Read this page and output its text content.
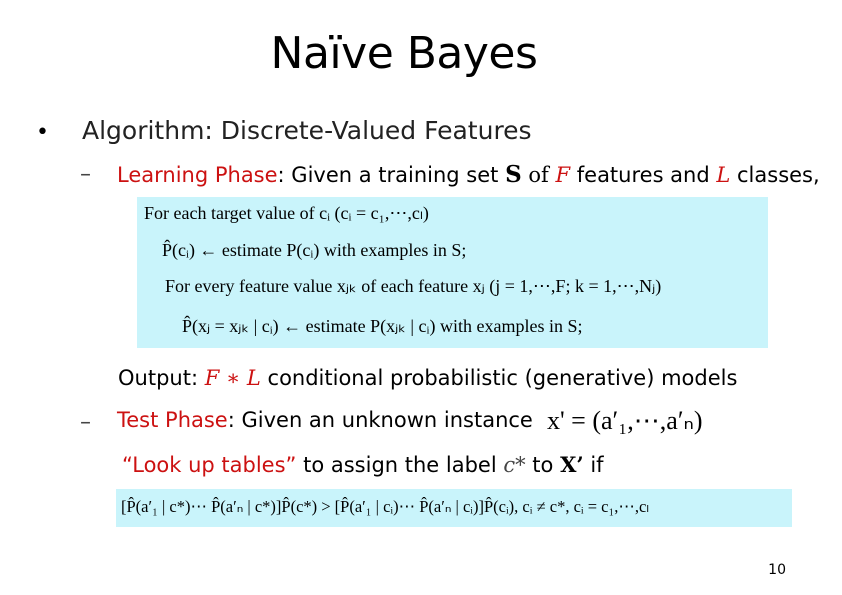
Naïve Bayes
• Algorithm: Discrete-Valued Features
– Learning Phase: Given a training set S of F features and L classes,
For each target value of cᵢ (cᵢ = c₁,⋯,cₗ)
P̂(cᵢ) ← estimate P(cᵢ) with examples in S;
For every feature value xⱼₖ of each feature xⱼ (j = 1,⋯,F; k = 1,⋯,Nⱼ)
P̂(xⱼ = xⱼₖ | cᵢ) ← estimate P(xⱼₖ | cᵢ) with examples in S;
Output: F ∗ L conditional probabilistic (generative) models
– Test Phase: Given an unknown instance x' = (a′₁,⋯,a′ₙ)
“Look up tables” to assign the label c* to X’ if
[P̂(a′₁ | c*)⋯ P̂(a′ₙ | c*)]P̂(c*) > [P̂(a′₁ | cᵢ)⋯ P̂(a′ₙ | cᵢ)]P̂(cᵢ), cᵢ ≠ c*, cᵢ = c₁,⋯,cₗ
10
